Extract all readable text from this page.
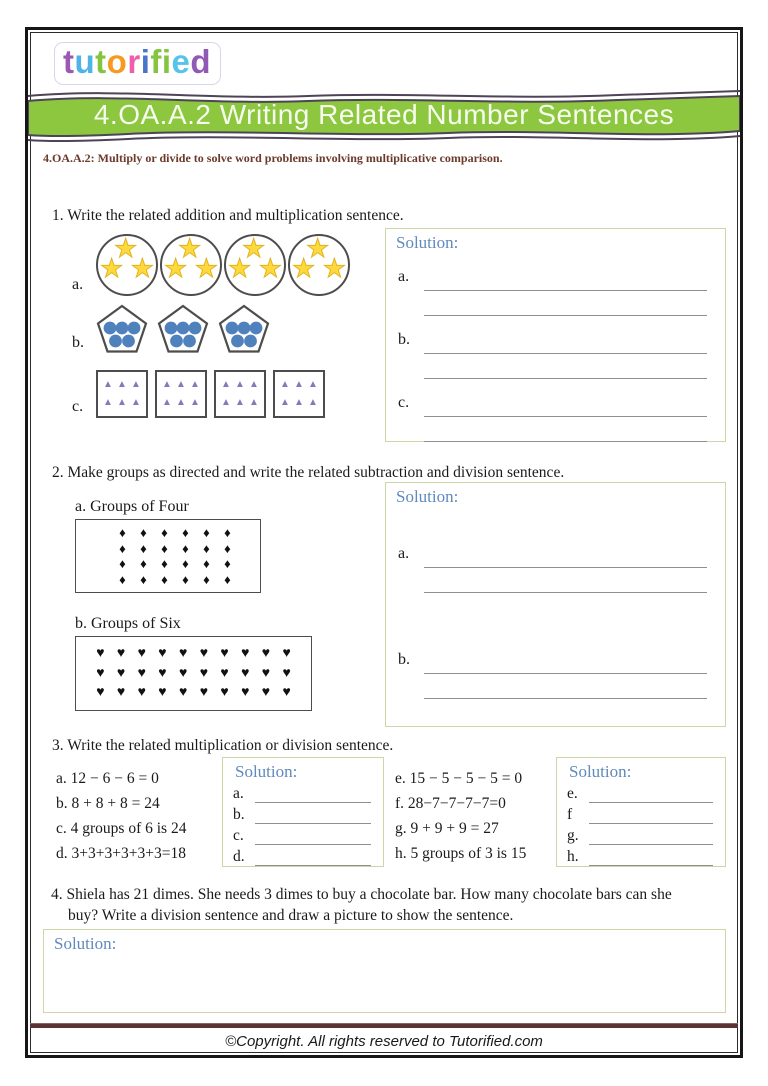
tutorified
4.OA.A.2 Writing Related Number Sentences

4.OA.A.2: Multiply or divide to solve word problems involving multiplicative comparison.

1. Write the related addition and multiplication sentence.

a.
★
★ ★
★
★ ★
★
★ ★
★
★ ★
b.
c.
▲ ▲ ▲
▲ ▲ ▲
▲ ▲ ▲
▲ ▲ ▲
▲ ▲ ▲
▲ ▲ ▲
▲ ▲ ▲
▲ ▲ ▲
Solution:
a.
b.
c.

2. Make groups as directed and write the related subtraction and division sentence.

a. Groups of Four
♦ ♦ ♦ ♦ ♦ ♦
♦ ♦ ♦ ♦ ♦ ♦
♦ ♦ ♦ ♦ ♦ ♦
♦ ♦ ♦ ♦ ♦ ♦
b. Groups of Six
♥ ♥ ♥ ♥ ♥ ♥ ♥ ♥ ♥ ♥
♥ ♥ ♥ ♥ ♥ ♥ ♥ ♥ ♥ ♥
♥ ♥ ♥ ♥ ♥ ♥ ♥ ♥ ♥ ♥
Solution:
a.
b.

3. Write the related multiplication or division sentence.

a. 12 − 6 − 6 = 0
b. 8 + 8 + 8 = 24
c. 4 groups of 6 is 24
d. 3+3+3+3+3+3=18
Solution:
a.
b.
c.
d.
e. 15 − 5 − 5 − 5 = 0
f. 28−7−7−7−7=0
g. 9 + 9 + 9 = 27
h. 5 groups of 3 is 15
Solution:
e.
f
g.
h.

4. Shiela has 21 dimes. She needs 3 dimes to buy a chocolate bar. How many chocolate bars can she buy? Write a division sentence and draw a picture to show the sentence.

Solution:
©Copyright. All rights reserved to Tutorified.com
